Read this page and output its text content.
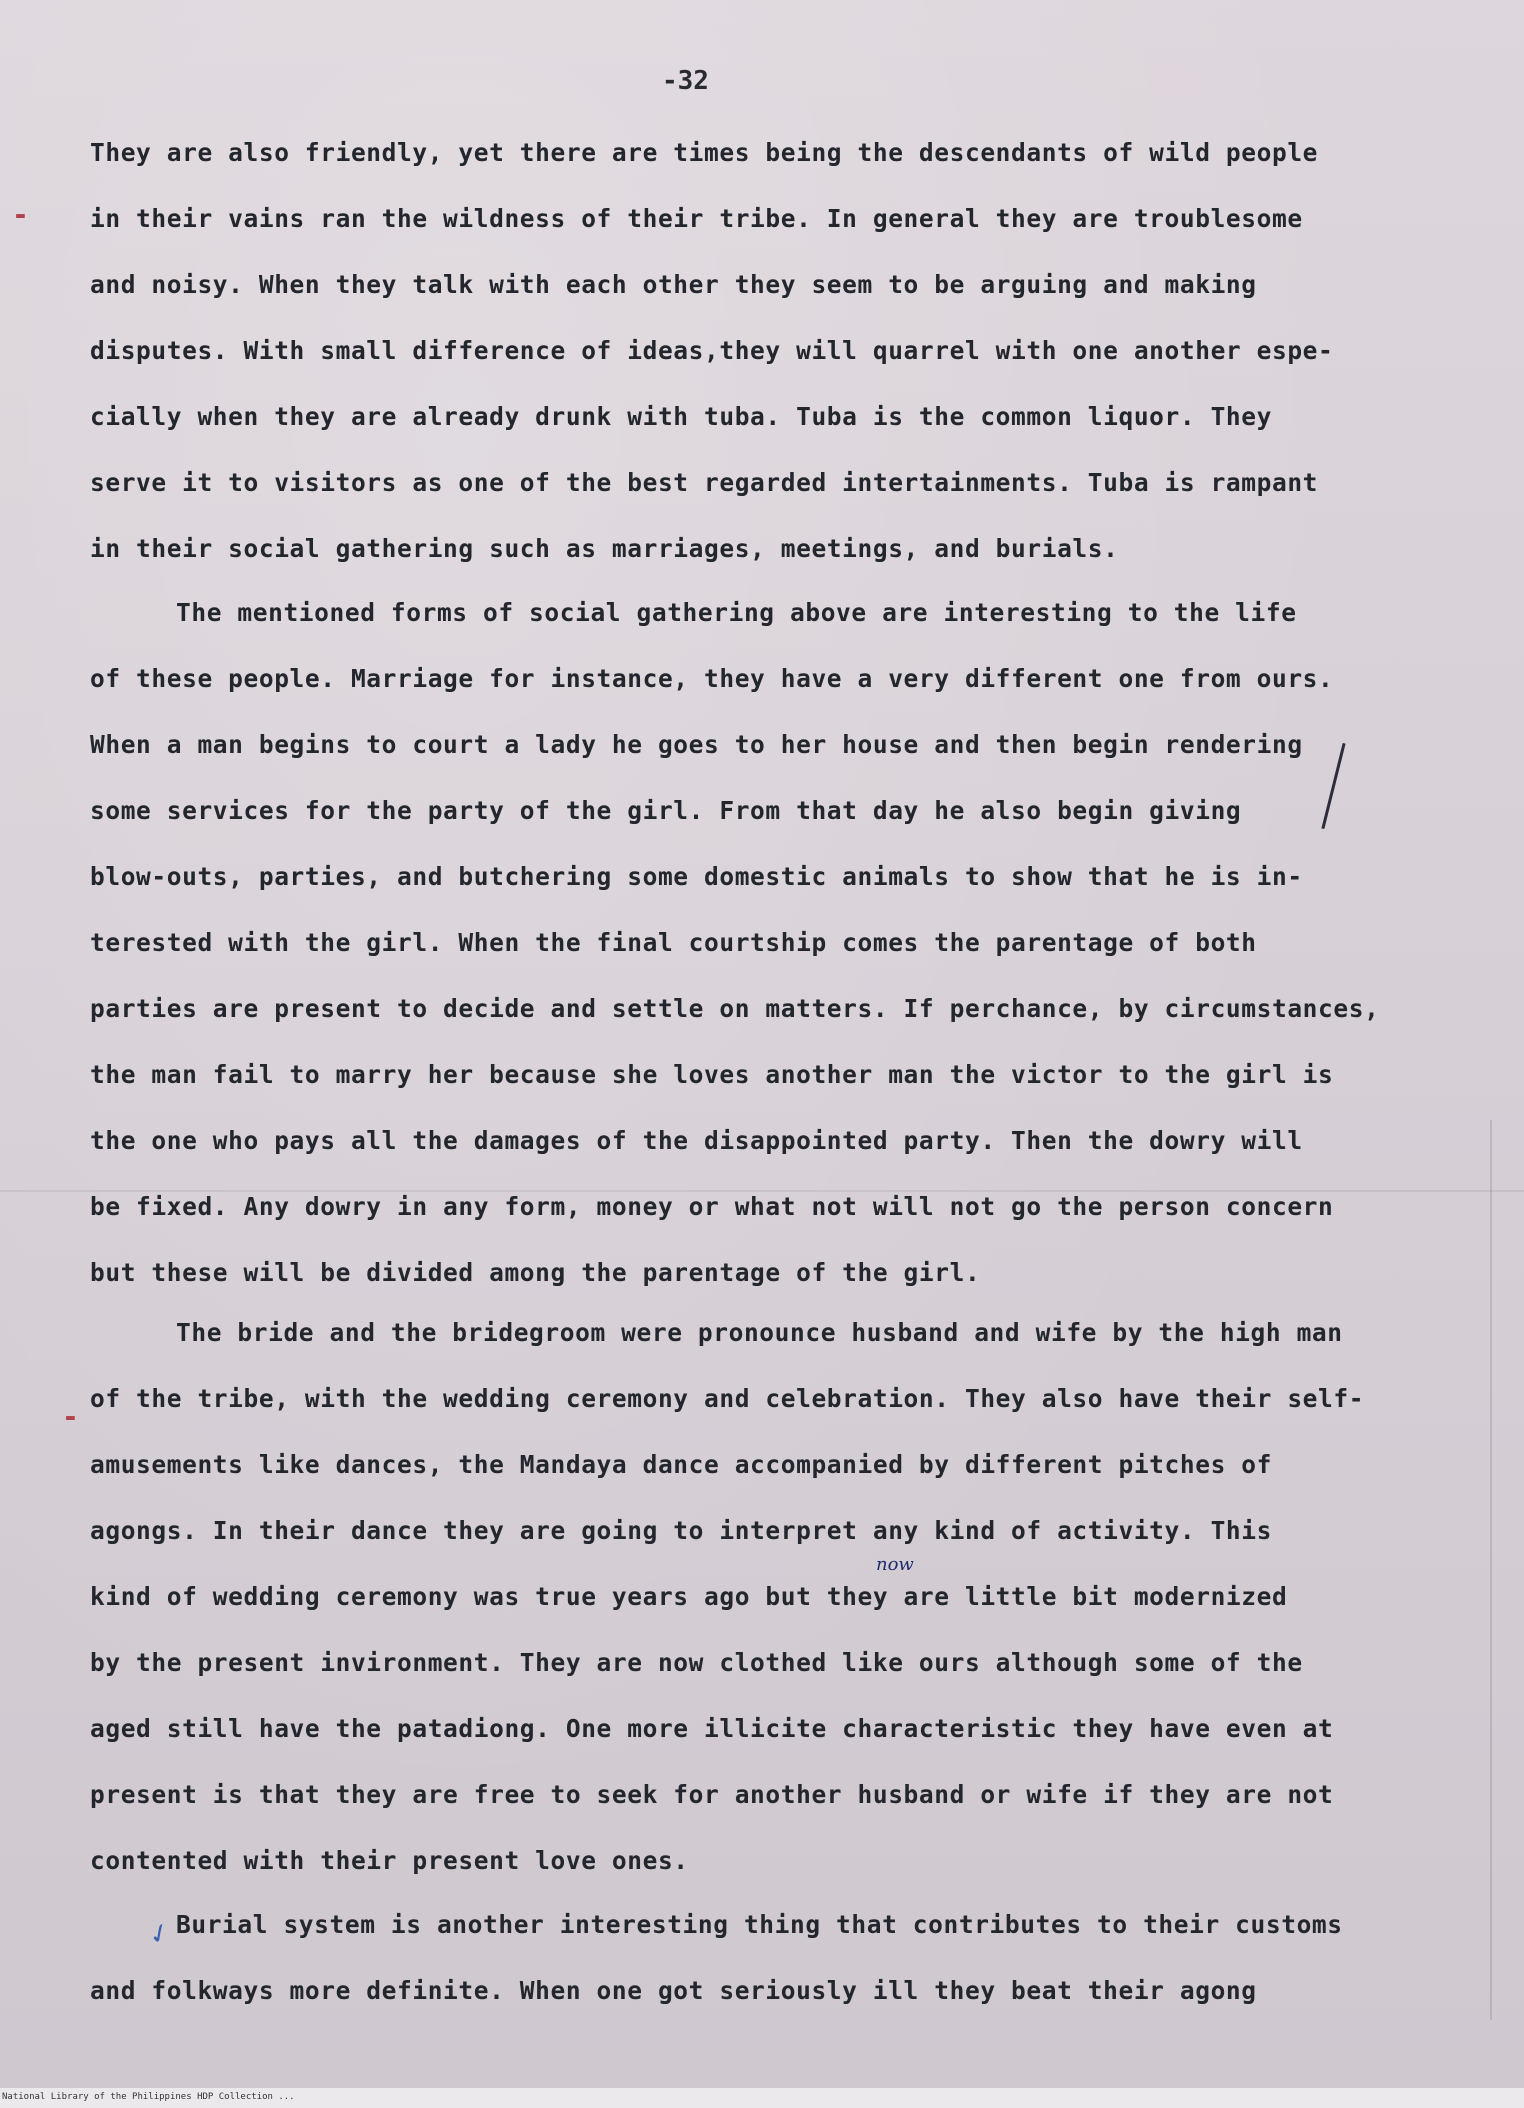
-32
-
-
They are also friendly, yet there are times being the descendants of wild people
in their vains ran the wildness of their tribe. In general they are troublesome
and noisy. When they talk with each other they seem to be arguing and making
disputes. With small difference of ideas,they will quarrel with one another espe-
cially when they are already drunk with tuba. Tuba is the common liquor. They
serve it to visitors as one of the best regarded intertainments. Tuba is rampant
in their social gathering such as marriages, meetings, and burials.
The mentioned forms of social gathering above are interesting to the life
of these people. Marriage for instance, they have a very different one from ours.
When a man begins to court a lady he goes to her house and then begin rendering
some services for the party of the girl. From that day he also begin giving
blow-outs, parties, and butchering some domestic animals to show that he is in-
terested with the girl. When the final courtship comes the parentage of both
parties are present to decide and settle on matters. If perchance, by circumstances,
the man fail to marry her because she loves another man the victor to the girl is
the one who pays all the damages of the disappointed party. Then the dowry will
be fixed. Any dowry in any form, money or what not will not go the person concern
but these will be divided among the parentage of the girl.
The bride and the bridegroom were pronounce husband and wife by the high man
of the tribe, with the wedding ceremony and celebration. They also have their self-
amusements like dances, the Mandaya dance accompanied by different pitches of
agongs. In their dance they are going to interpret any kind of activity. This
kind of wedding ceremony was true years ago but they are little bit modernized
by the present invironment. They are now clothed like ours although some of the
aged still have the patadiong. One more illicite characteristic they have even at
present is that they are free to seek for another husband or wife if they are not
contented with their present love ones.
Burial system is another interesting thing that contributes to their customs
and folkways more definite. When one got seriously ill they beat their agong
now
✓
National Library of the Philippines HDP Collection ...
